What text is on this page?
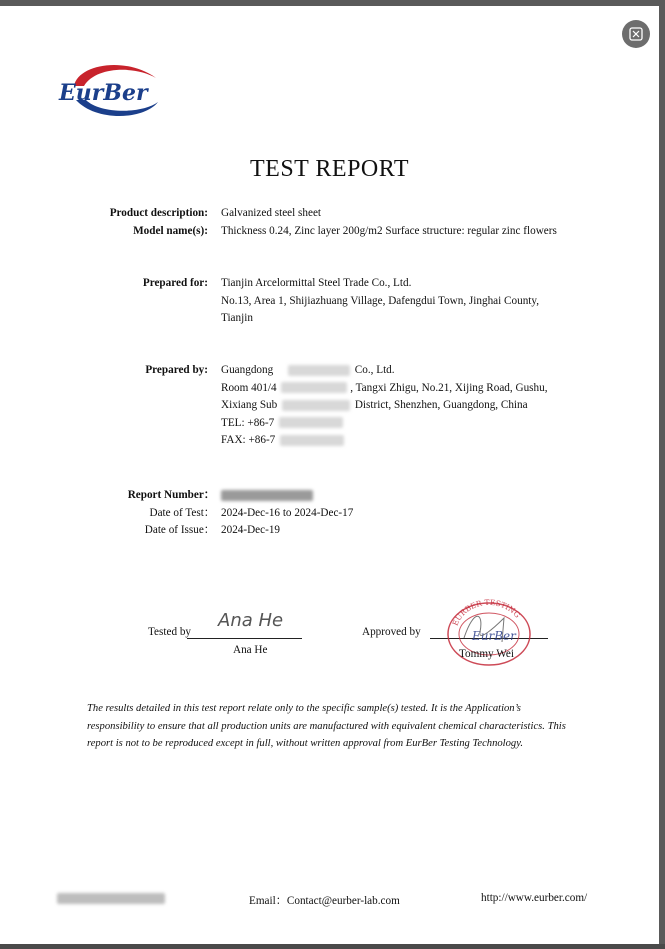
EurBer
TEST REPORT
Product description: Galvanized steel sheet
Model name(s): Thickness 0.24, Zinc layer 200g/m2 Surface structure: regular zinc flowers
Prepared for: Tianjin Arcelormittal Steel Trade Co., Ltd.
No.13, Area 1, Shijiazhuang Village, Dafengdui Town, Jinghai County,
Tianjin
Prepared by: Guangdong	Co., Ltd.
Room 401/4	, Tangxi Zhigu, No.21, Xijing Road, Gushu,
Xixiang Sub	District, Shenzhen, Guangdong, China
TEL: +86-7
FAX: +86-7
Report Number：
Date of Test： 2024-Dec-16 to 2024-Dec-17
Date of Issue： 2024-Dec-19
Tested by
Ana He
Ana He
Approved by
EURBER TESTING
EurBer
Tommy Wei
The results detailed in this test report relate only to the specific sample(s) tested. It is the Application’s responsibility to ensure that all production units are manufactured with equivalent chemical characteristics. This report is not to be reproduced except in full, without written approval from EurBer Testing Technology.
Email：Contact@eurber-lab.com	http://www.eurber.com/
